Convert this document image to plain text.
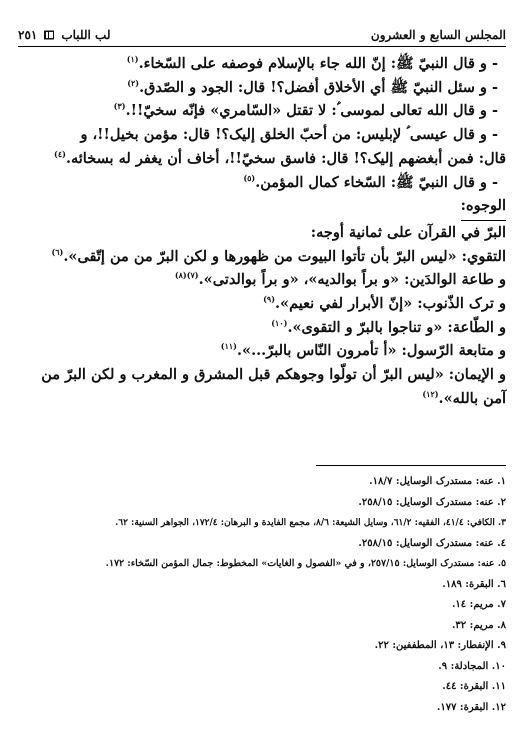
المجلس السابع و العشرون
لب اللباب
٢٥١
- و قال النبيّ ﷺ: إنّ الله جاء بالإسلام فوصفه على السّخاء.$^{(١)}$
- و سئل النبيّ ﷺ أي الأخلاق أفضل؟! قال: الجود و الصّدق.$^{(٢)}$
- و قال الله تعالى لموسى ؑ: لا تقتل «السّامري» فإنّه سخيّ!!.$^{(٣)}$
- و قال عيسى ؑ لإبليس: من أحبّ الخلق إليک؟! قال: مؤمن بخيل!!، و
قال: فمن أبغضهم إليک؟! قال: فاسق سخيّ!!، أخاف أن يغفر له بسخائه.$^{(٤)}$
- و قال النبيّ ﷺ: السّخاء كمال المؤمن.$^{(٥)}$
الوجوه:
البرّ في القرآن على ثمانية أوجه:
التقوي: «ليس البرّ بأن تأتوا البيوت من ظهورها و لكن البرّ من من إتّقى».$^{(٦)}$
و طاعة الوالدَين: «و براً بوالديه»، «و براً بوالدتى».$^{(٧)(٨)}$
و ترک الذّنوب: «إنّ الأبرار لفي نعيم».$^{(٩)}$
و الطّاعة: «و تناجوا بالبرّ و التقوى».$^{(١٠)}$
و متابعة الرّسول: «أ تأمرون النّاس بالبرّ...».$^{(١١)}$
و الإيمان: «ليس البرّ أن تولّوا وجوهكم قبل المشرق و المغرب و لكن البرّ من
آمن بالله».$^{(١٢)}$
١. عنه: مستدرک الوسايل: ١٨/٧.
٢. عنه: مستدرک الوسايل: ٢٥٨/١٥.
٣. الكافي: ٤١/٤، الفقيه: ٦١/٢، وسايل الشيعة: ٨/٦، مجمع الفايدة و البرهان: ١٧٢/٤، الجواهر السنية: ٦٢.
٤. عنه: مستدرک الوسايل: ٢٥٨/١٥.
٥. عنه: مستدرک الوسايل: ٢٥٧/١٥، و في «الفصول و الغايات» المخطوط: جمال المؤمن السّخاء: ١٧٢.
٦. البقرة: ١٨٩.
٧. مريم: ١٤.
٨. مريم: ٣٢.
٩. الإنفطار: ١٣، المطففين: ٢٢.
١٠. المجادلة: ٩.
١١. البقرة: ٤٤.
١٢. البقرة: ١٧٧.
